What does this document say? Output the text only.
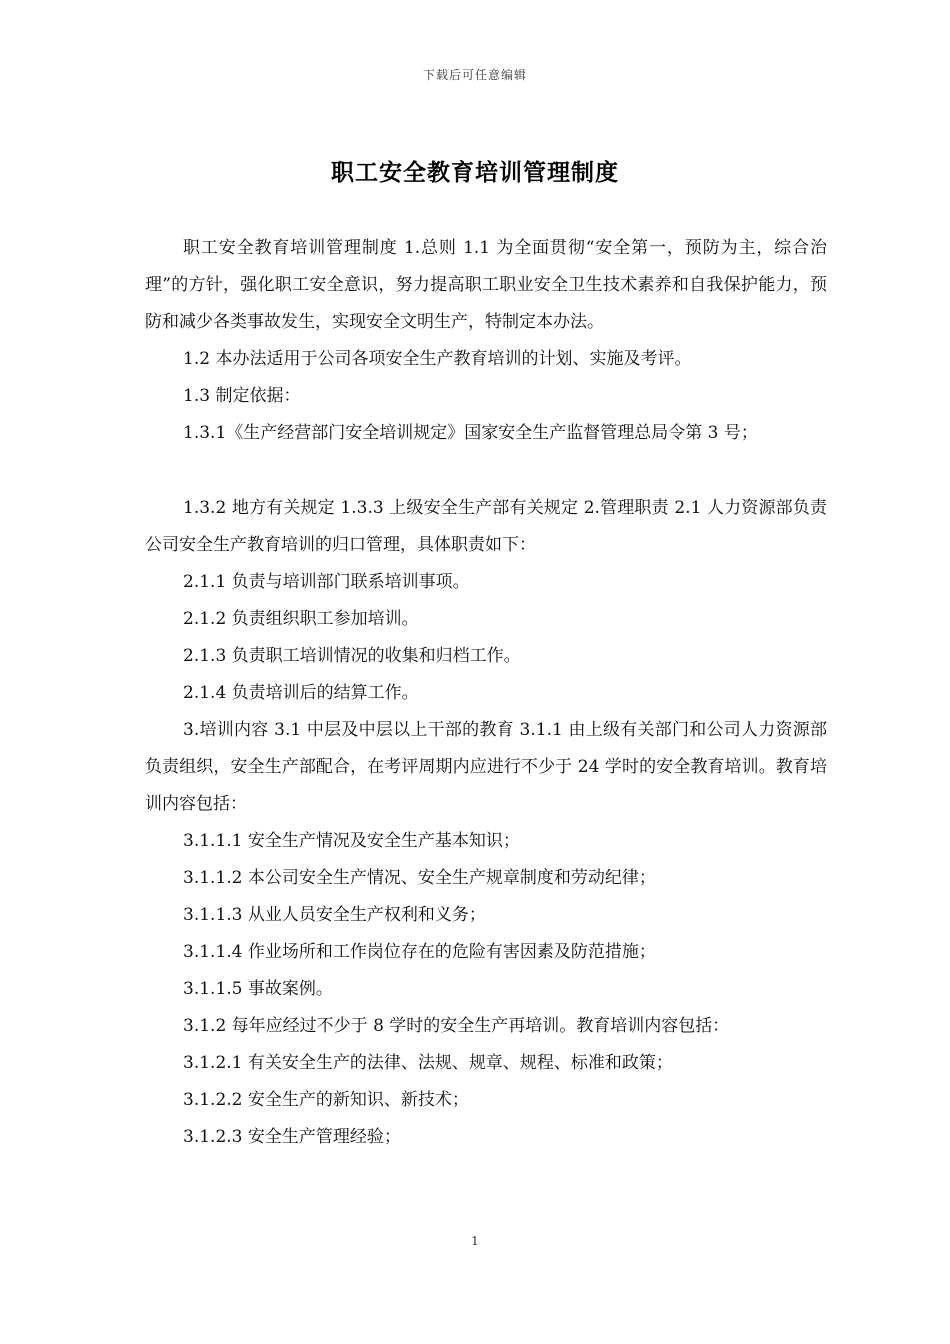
下载后可任意编辑
职工安全教育培训管理制度

职工安全教育培训管理制度 1.总则 1.1 为全面贯彻“安全第一，预防为主，综合治理”的方针，强化职工安全意识，努力提高职工职业安全卫生技术素养和自我保护能力，预防和减少各类事故发生，实现安全文明生产，特制定本办法。

1.2 本办法适用于公司各项安全生产教育培训的计划、实施及考评。

1.3 制定依据：

1.3.1《生产经营部门安全培训规定》国家安全生产监督管理总局令第 3 号；

1.3.2 地方有关规定 1.3.3 上级安全生产部有关规定 2.管理职责 2.1 人力资源部负责公司安全生产教育培训的归口管理，具体职责如下：

2.1.1 负责与培训部门联系培训事项。

2.1.2 负责组织职工参加培训。

2.1.3 负责职工培训情况的收集和归档工作。

2.1.4 负责培训后的结算工作。

3.培训内容 3.1 中层及中层以上干部的教育 3.1.1 由上级有关部门和公司人力资源部负责组织，安全生产部配合，在考评周期内应进行不少于 24 学时的安全教育培训。教育培训内容包括：

3.1.1.1 安全生产情况及安全生产基本知识；

3.1.1.2 本公司安全生产情况、安全生产规章制度和劳动纪律；

3.1.1.3 从业人员安全生产权利和义务；

3.1.1.4 作业场所和工作岗位存在的危险有害因素及防范措施；

3.1.1.5 事故案例。

3.1.2 每年应经过不少于 8 学时的安全生产再培训。教育培训内容包括：

3.1.2.1 有关安全生产的法律、法规、规章、规程、标准和政策；

3.1.2.2 安全生产的新知识、新技术；

3.1.2.3 安全生产管理经验；

1
